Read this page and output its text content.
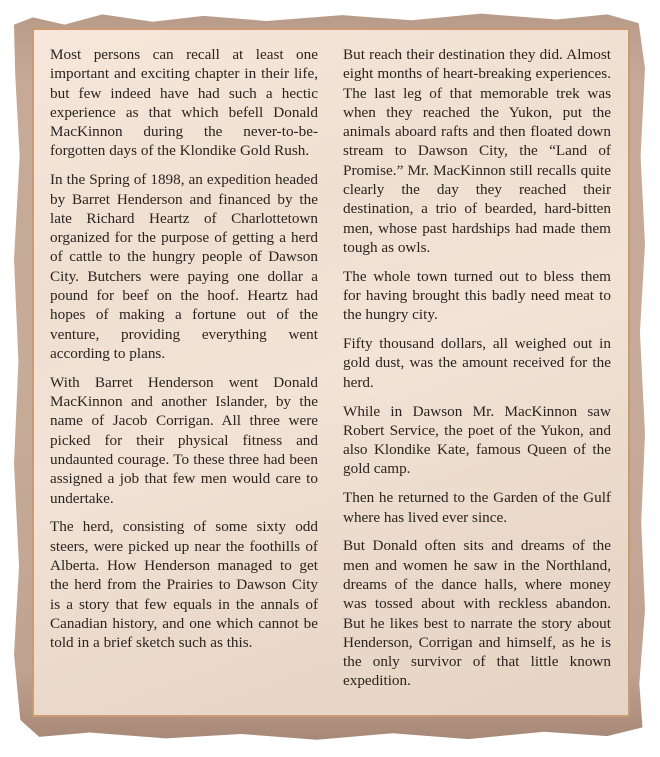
Most persons can recall at least one important and exciting chapter in their life, but few indeed have had such a hectic experience as that which befell Donald MacKinnon during the never-to-be-forgotten days of the Klondike Gold Rush.

In the Spring of 1898, an expedition headed by Barret Henderson and financed by the late Richard Heartz of Charlottetown organized for the purpose of getting a herd of cattle to the hungry people of Dawson City. Butchers were paying one dollar a pound for beef on the hoof. Heartz had hopes of making a fortune out of the venture, providing everything went according to plans.

With Barret Henderson went Donald MacKinnon and another Islander, by the name of Jacob Corrigan. All three were picked for their physical fitness and undaunted courage. To these three had been assigned a job that few men would care to undertake.

The herd, consisting of some sixty odd steers, were picked up near the foothills of Alberta. How Henderson managed to get the herd from the Prairies to Dawson City is a story that few equals in the annals of Canadian history, and one which cannot be told in a brief sketch such as this.

But reach their destination they did. Almost eight months of heart-breaking experiences. The last leg of that memorable trek was when they reached the Yukon, put the animals aboard rafts and then floated down stream to Dawson City, the “Land of Promise.” Mr. MacKinnon still recalls quite clearly the day they reached their destination, a trio of bearded, hard-bitten men, whose past hardships had made them tough as owls.

The whole town turned out to bless them for having brought this badly need meat to the hungry city.

Fifty thousand dollars, all weighed out in gold dust, was the amount received for the herd.

While in Dawson Mr. MacKinnon saw Robert Service, the poet of the Yukon, and also Klondike Kate, famous Queen of the gold camp.

Then he returned to the Garden of the Gulf where has lived ever since.

But Donald often sits and dreams of the men and women he saw in the Northland, dreams of the dance halls, where money was tossed about with reckless abandon. But he likes best to narrate the story about Henderson, Corrigan and himself, as he is the only survivor of that little known expedition.
